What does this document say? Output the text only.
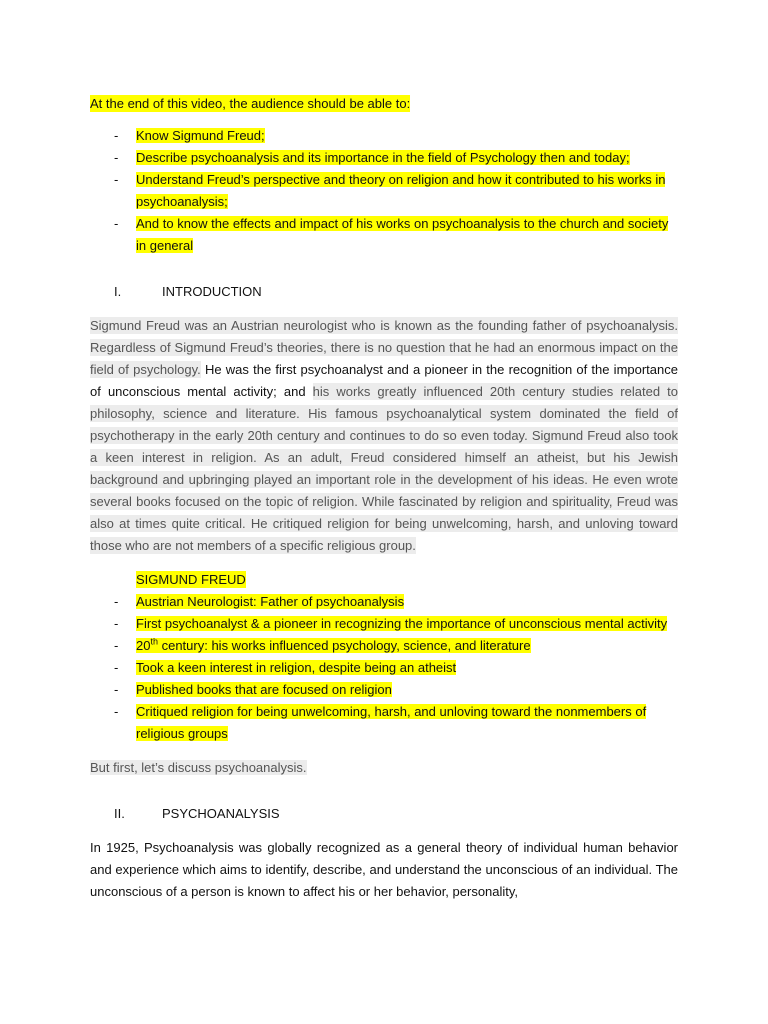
At the end of this video, the audience should be able to:

- Know Sigmund Freud;
- Describe psychoanalysis and its importance in the field of Psychology then and today;
- Understand Freud’s perspective and theory on religion and how it contributed to his works in psychoanalysis;
- And to know the effects and impact of his works on psychoanalysis to the church and society in general
I.	INTRODUCTION

Sigmund Freud was an Austrian neurologist who is known as the founding father of psychoanalysis. Regardless of Sigmund Freud’s theories, there is no question that he had an enormous impact on the field of psychology. He was the first psychoanalyst and a pioneer in the recognition of the importance of unconscious mental activity; and his works greatly influenced 20th century studies related to philosophy, science and literature. His famous psychoanalytical system dominated the field of psychotherapy in the early 20th century and continues to do so even today. Sigmund Freud also took a keen interest in religion. As an adult, Freud considered himself an atheist, but his Jewish background and upbringing played an important role in the development of his ideas. He even wrote several books focused on the topic of religion. While fascinated by religion and spirituality, Freud was also at times quite critical. He critiqued religion for being unwelcoming, harsh, and unloving toward those who are not members of a specific religious group.

SIGMUND FREUD

- Austrian Neurologist: Father of psychoanalysis
- First psychoanalyst & a pioneer in recognizing the importance of unconscious mental activity
- 20th century: his works influenced psychology, science, and literature
- Took a keen interest in religion, despite being an atheist
- Published books that are focused on religion
- Critiqued religion for being unwelcoming, harsh, and unloving toward the nonmembers of religious groups

But first, let’s discuss psychoanalysis.

II.	PSYCHOANALYSIS

In 1925, Psychoanalysis was globally recognized as a general theory of individual human behavior and experience which aims to identify, describe, and understand the unconscious of an individual. The unconscious of a person is known to affect his or her behavior, personality,
